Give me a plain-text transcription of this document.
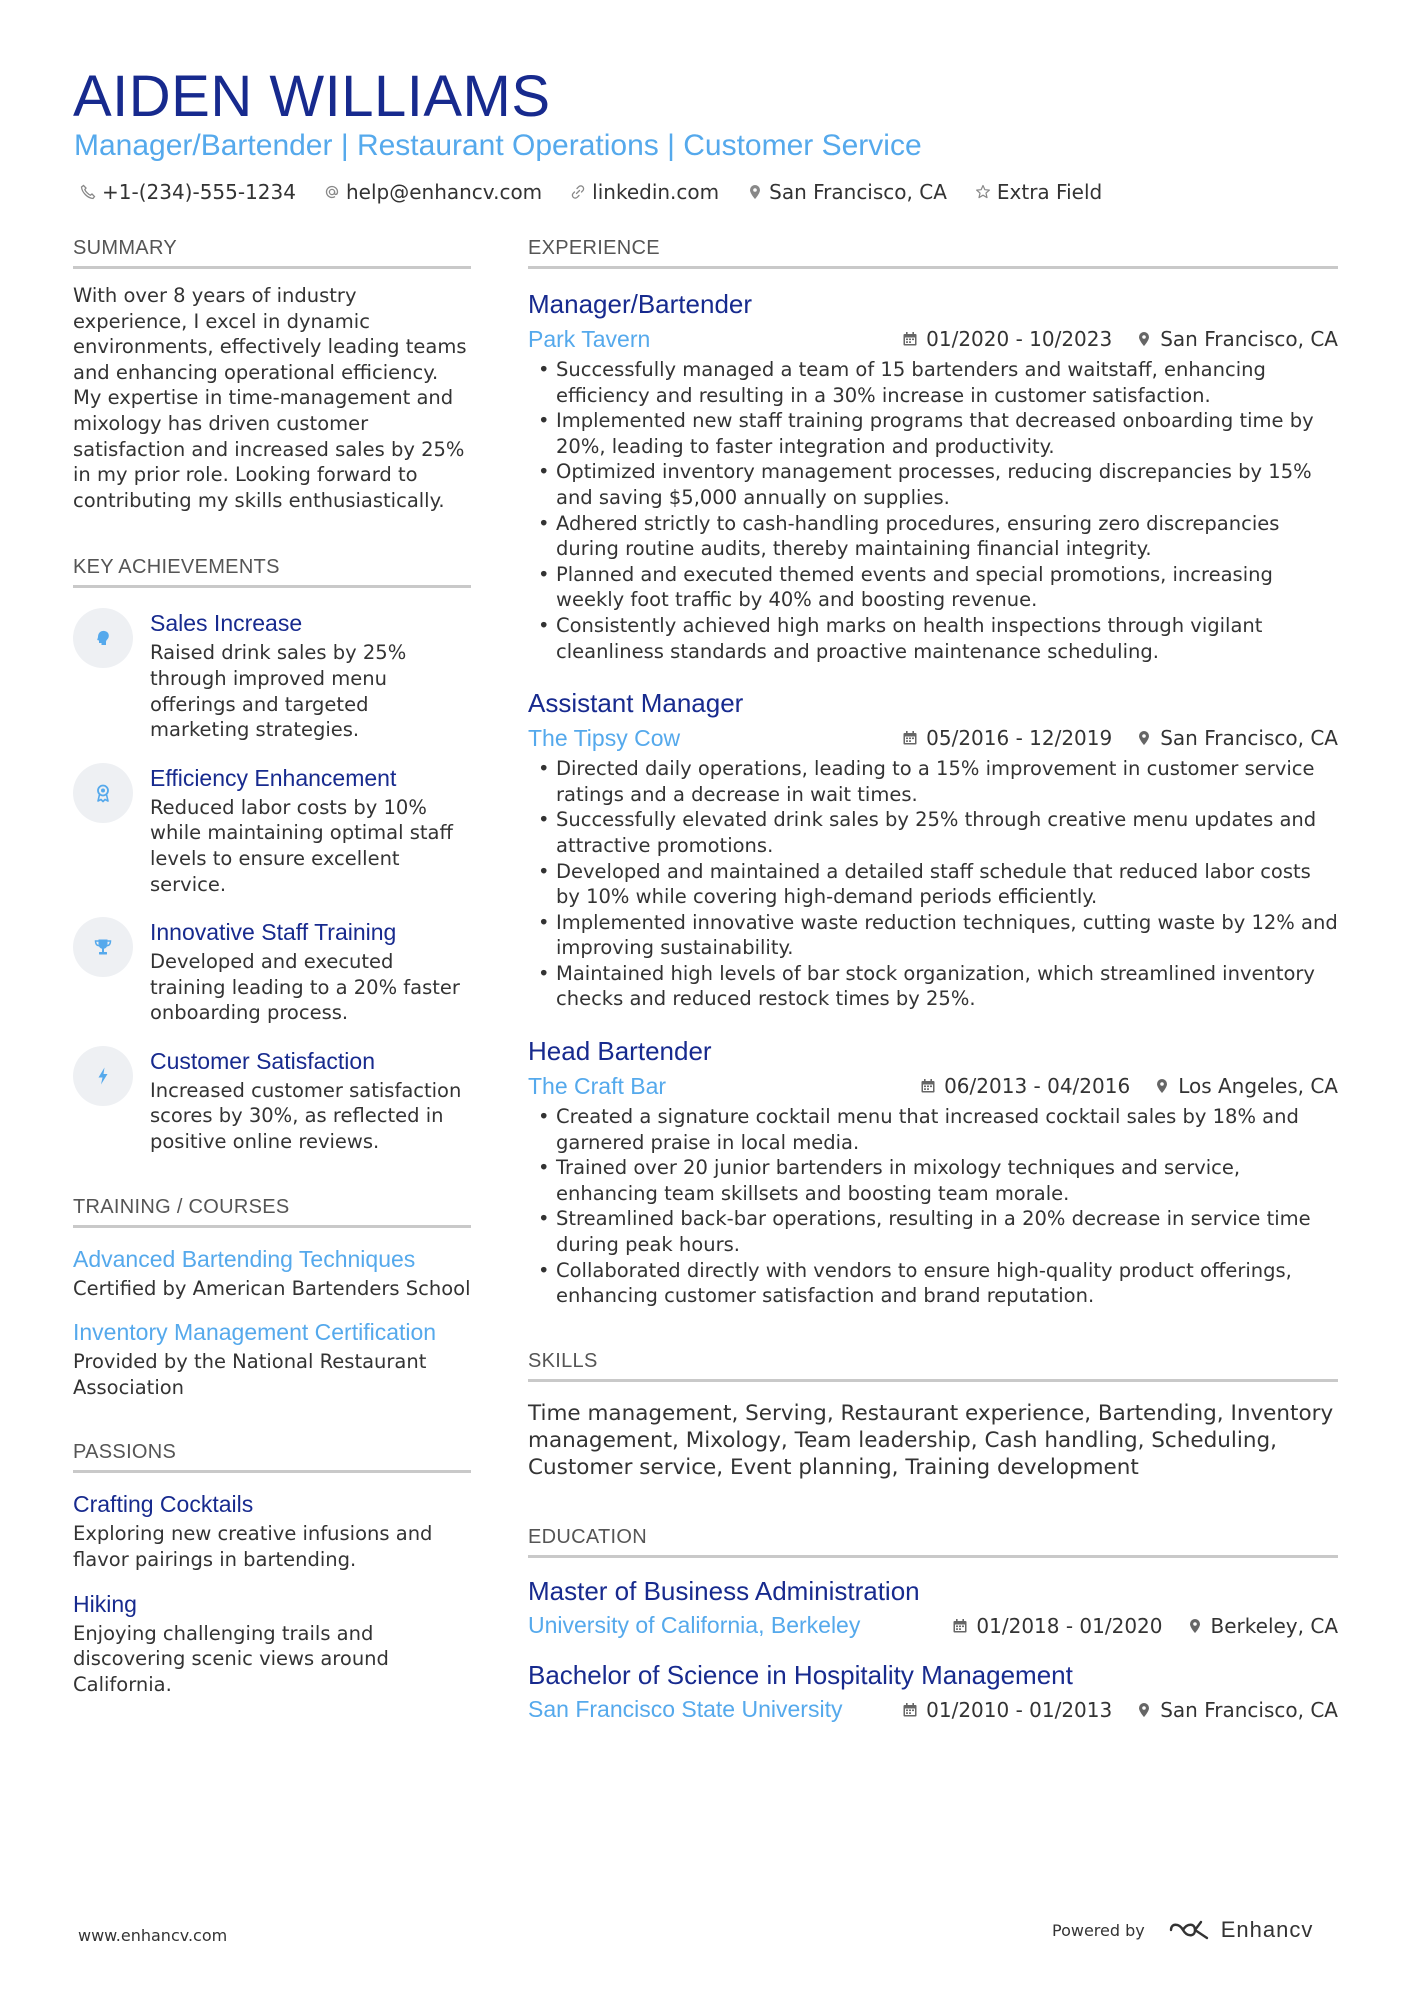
AIDEN WILLIAMS
Manager/Bartender | Restaurant Operations | Customer Service
+1-(234)-555-1234	help@enhancv.com	linkedin.com	San Francisco, CA	Extra Field
SUMMARY
With over 8 years of industry experience, I excel in dynamic environments, effectively leading teams and enhancing operational efficiency. My expertise in time-management and mixology has driven customer satisfaction and increased sales by 25% in my prior role. Looking forward to contributing my skills enthusiastically.
KEY ACHIEVEMENTS
Sales Increase
Raised drink sales by 25% through improved menu offerings and targeted marketing strategies.
Efficiency Enhancement
Reduced labor costs by 10% while maintaining optimal staff levels to ensure excellent service.
Innovative Staff Training
Developed and executed training leading to a 20% faster onboarding process.
Customer Satisfaction
Increased customer satisfaction scores by 30%, as reflected in positive online reviews.
TRAINING / COURSES
Advanced Bartending Techniques
Certified by American Bartenders School
Inventory Management Certification
Provided by the National Restaurant Association
PASSIONS
Crafting Cocktails
Exploring new creative infusions and flavor pairings in bartending.
Hiking
Enjoying challenging trails and discovering scenic views around California.
EXPERIENCE
Manager/Bartender
Park Tavern	01/2020 - 10/2023 San Francisco, CA
• Successfully managed a team of 15 bartenders and waitstaff, enhancing efficiency and resulting in a 30% increase in customer satisfaction.
• Implemented new staff training programs that decreased onboarding time by 20%, leading to faster integration and productivity.
• Optimized inventory management processes, reducing discrepancies by 15% and saving $5,000 annually on supplies.
• Adhered strictly to cash-handling procedures, ensuring zero discrepancies during routine audits, thereby maintaining financial integrity.
• Planned and executed themed events and special promotions, increasing weekly foot traffic by 40% and boosting revenue.
• Consistently achieved high marks on health inspections through vigilant cleanliness standards and proactive maintenance scheduling.
Assistant Manager
The Tipsy Cow	05/2016 - 12/2019 San Francisco, CA
• Directed daily operations, leading to a 15% improvement in customer service ratings and a decrease in wait times.
• Successfully elevated drink sales by 25% through creative menu updates and attractive promotions.
• Developed and maintained a detailed staff schedule that reduced labor costs by 10% while covering high-demand periods efficiently.
• Implemented innovative waste reduction techniques, cutting waste by 12% and improving sustainability.
• Maintained high levels of bar stock organization, which streamlined inventory checks and reduced restock times by 25%.
Head Bartender
The Craft Bar	06/2013 - 04/2016 Los Angeles, CA
• Created a signature cocktail menu that increased cocktail sales by 18% and garnered praise in local media.
• Trained over 20 junior bartenders in mixology techniques and service, enhancing team skillsets and boosting team morale.
• Streamlined back-bar operations, resulting in a 20% decrease in service time during peak hours.
• Collaborated directly with vendors to ensure high-quality product offerings, enhancing customer satisfaction and brand reputation.
SKILLS
Time management, Serving, Restaurant experience, Bartending, Inventory management, Mixology, Team leadership, Cash handling, Scheduling, Customer service, Event planning, Training development
EDUCATION
Master of Business Administration
University of California, Berkeley	01/2018 - 01/2020 Berkeley, CA
Bachelor of Science in Hospitality Management
San Francisco State University	01/2010 - 01/2013 San Francisco, CA
www.enhancv.com	Powered by	Enhancv
